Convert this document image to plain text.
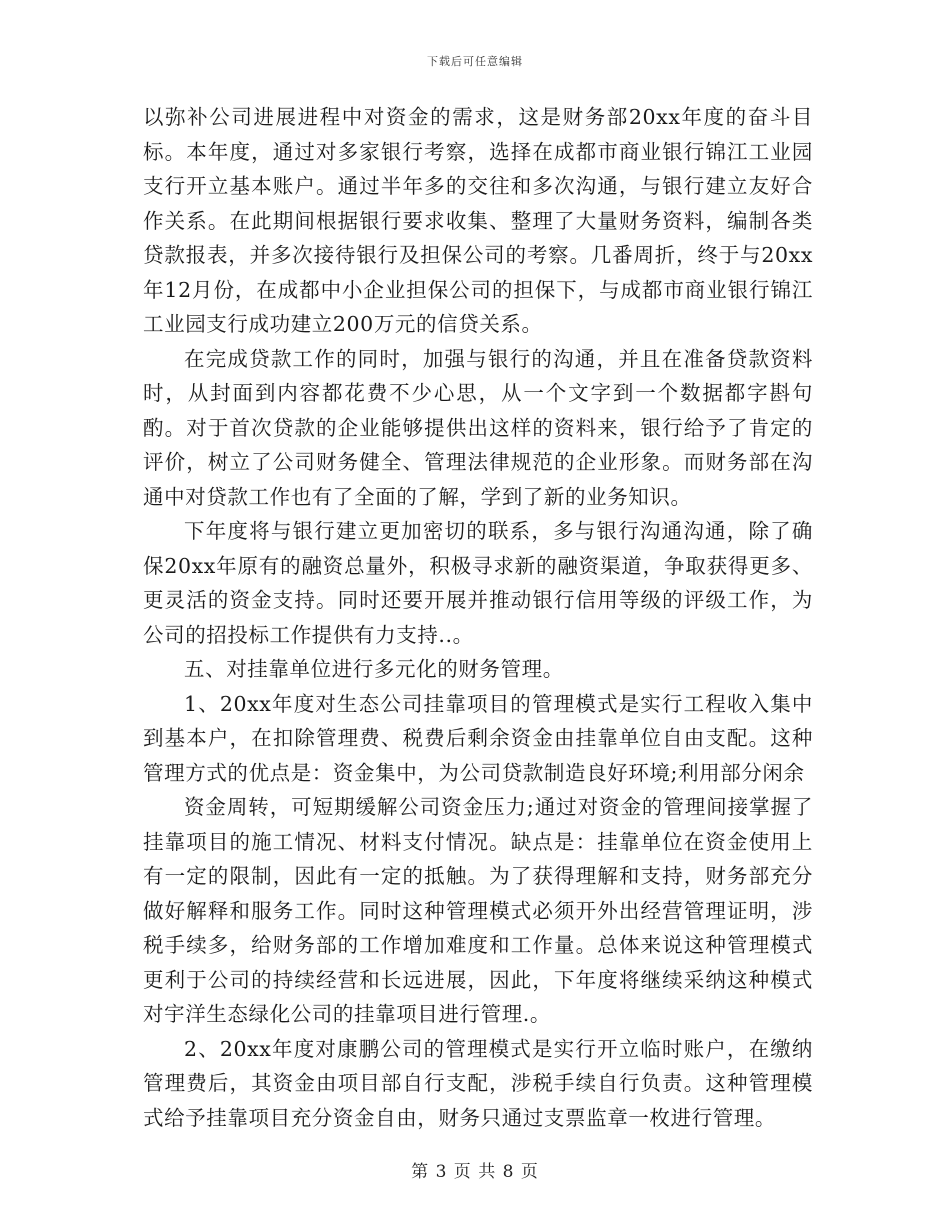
下载后可任意编辑

以弥补公司进展进程中对资金的需求，这是财务部20xx年度的奋斗目标。本年度，通过对多家银行考察，选择在成都市商业银行锦江工业园支行开立基本账户。通过半年多的交往和多次沟通，与银行建立友好合作关系。在此期间根据银行要求收集、整理了大量财务资料，编制各类贷款报表，并多次接待银行及担保公司的考察。几番周折，终于与20xx年12月份，在成都中小企业担保公司的担保下，与成都市商业银行锦江工业园支行成功建立200万元的信贷关系。

在完成贷款工作的同时，加强与银行的沟通，并且在准备贷款资料时，从封面到内容都花费不少心思，从一个文字到一个数据都字斟句酌。对于首次贷款的企业能够提供出这样的资料来，银行给予了肯定的评价，树立了公司财务健全、管理法律规范的企业形象。而财务部在沟通中对贷款工作也有了全面的了解，学到了新的业务知识。

下年度将与银行建立更加密切的联系，多与银行沟通沟通，除了确保20xx年原有的融资总量外，积极寻求新的融资渠道，争取获得更多、更灵活的资金支持。同时还要开展并推动银行信用等级的评级工作，为公司的招投标工作提供有力支持..。

五、对挂靠单位进行多元化的财务管理。

1、20xx年度对生态公司挂靠项目的管理模式是实行工程收入集中到基本户，在扣除管理费、税费后剩余资金由挂靠单位自由支配。这种管理方式的优点是：资金集中，为公司贷款制造良好环境;利用部分闲余

资金周转，可短期缓解公司资金压力;通过对资金的管理间接掌握了挂靠项目的施工情况、材料支付情况。缺点是：挂靠单位在资金使用上有一定的限制，因此有一定的抵触。为了获得理解和支持，财务部充分做好解释和服务工作。同时这种管理模式必须开外出经营管理证明，涉税手续多，给财务部的工作增加难度和工作量。总体来说这种管理模式更利于公司的持续经营和长远进展，因此，下年度将继续采纳这种模式对宇洋生态绿化公司的挂靠项目进行管理.。

2、20xx年度对康鹏公司的管理模式是实行开立临时账户，在缴纳管理费后，其资金由项目部自行支配，涉税手续自行负责。这种管理模式给予挂靠项目充分资金自由，财务只通过支票监章一枚进行管理。

第 3 页 共 8 页
